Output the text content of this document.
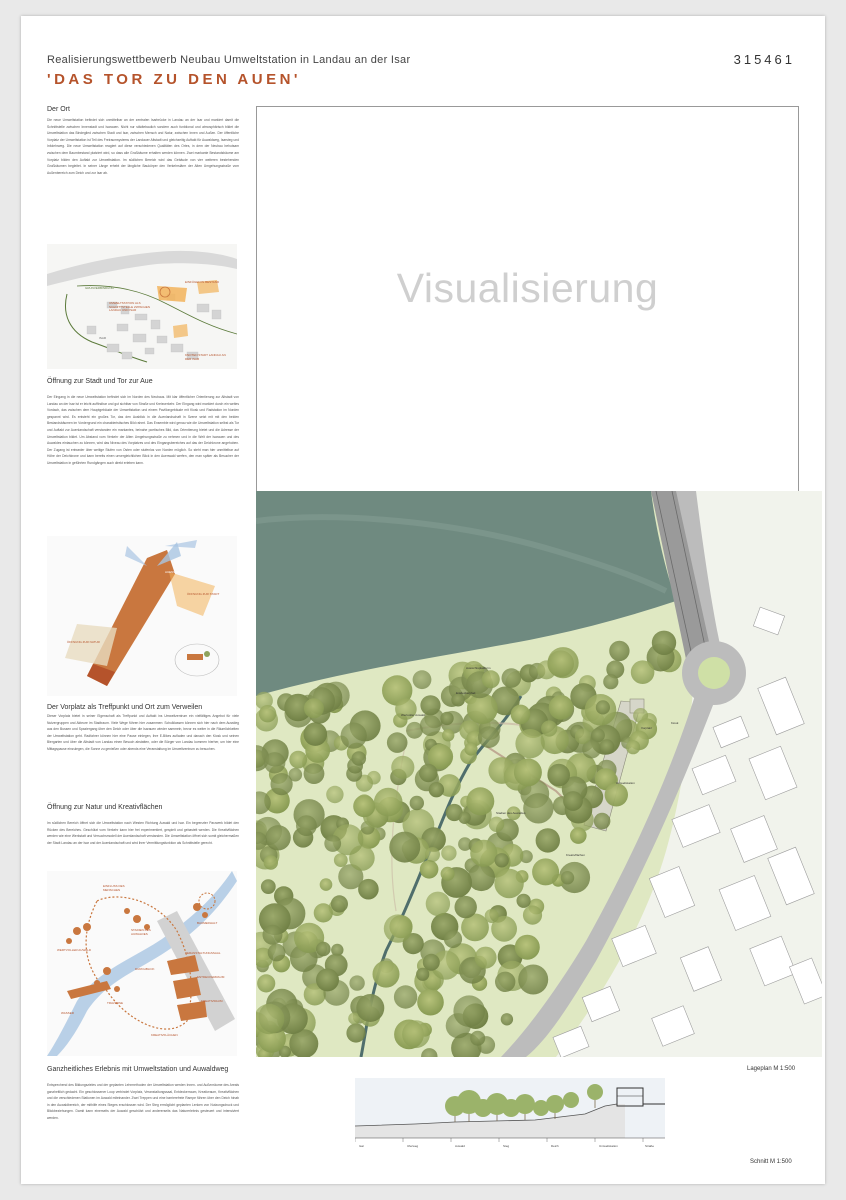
Realisierungswettbewerb Neubau Umweltstation in Landau an der Isar
'DAS TOR ZU DEN AUEN'
315461
Der Ort

Die neue Umweltstation befindet sich unmittelbar an der zentralen Isarbrücke in Landau an der Isar und markiert damit die Schnittstelle zwischen Innenstadt und Isarauen. Nicht nur städtebaulich sondern auch funktional und atmosphärisch bildet die Umweltstation das Bindeglied zwischen Stadt und Isar, zwischen Mensch und Natur, zwischen Innen und Außen. Der öffentliche Vorplatz der Umweltstation ist Teil des Freiraumsystems der Landauer Altstadt und gleichzeitig Auftakt für Auwaldweg, Isarsteg und Infolehrweg. Die neue Umweltstation reagiert auf diese verschiedenen Qualitäten des Ortes, in dem der Neubau behutsam zwischen dem Baumbestand platziert wird, so dass alle Großbäume erhalten werden können. Zwei markante Bestandsbäume am Vorplatz bilden den Auftakt zur Umweltstation. Im südlichen Bereich wird das Gebäude von vier weiteren bestehenden Großbäumen begleitet. In seiner Länge erhebt der längliche Baukörper den Verkehrslärm der Alten Umgehungsstraße vom Außenbereich zum Deich und zur Isar ab.

GRÜNVERBINDUNG
UMWELTSTATION ALS SCHNITTSTELLE ZWISCHEN LANDAU UND ISAR
EINFÜGEN IN BESTAND
ISAR
KNOTEN STADT LANDAU AN DER ISAR
Öffnung zur Stadt und Tor zur Aue

Der Eingang in die neue Umweltstation befindet sich im Norden des Neubaus. Mit klar öffentlicher Orientierung zur Altstadt von Landau an der Isar ist er leicht auffindbar und gut sichtbar von Straße und Kreisverkehr. Der Eingang wird markiert durch ein weites Vordach, das zwischen dem Hauptgebäude der Umweltstation und einem Pavillongebäude mit Kiosk und Radstation im Norden gespannt wird. Es entsteht ein großes Tor, das den Ausblick in die Auenlandschaft in Szene setzt mit mit den beiden Bestandsbäumen im Vordergrund ein charakteristisches Bild rahmt. Das Ensemble wird genau wie die Umweltstation selbst als Tor und Auftakt zur Auenlandschaft verstanden ein markantes, beinahe poetisches Bild, das Orientierung bietet und die Adresse der Umweltstation bildet. Um Abstand vom Verkehr der Alten Umgehungsstraße zu nehmen und in die Welt der Isarauen und des Auwaldes eintauchen zu können, wird das Niveau des Vorplatzes und des Eingangsbereiches auf das der Deichkrone angehoben. Der Zugang ist entweder über weitige Stufen von Osten oder stufenlos von Norden möglich. So steht man hier unmittelbar auf Höhe der Deichkrone und kann bereits einen unvergleichlichen Blick in den Auenwald werfen, den man später als Besucher der Umweltstation in geführten Rundgängen auch direkt erleben kann.

AUENWEG
ÖFFNUNG ZUR STADT
ÖFFNUNG ZUR NATUR
Der Vorplatz als Treffpunkt und Ort zum Verweilen

Dieser Vorplatz bietet in seiner Eigenschaft als Treffpunkt und Auftakt ins Umweltzentrum ein vielfältiges Angebot für viele Nutzergruppen und Akteure im Stadtraum. Viele Wege führen hier zusammen: Schulklassen können sich hier nach dem Ausstieg aus den Bussen und Spaziergang über den Deich oder über die Isarauen wieder sammeln, bevor es weiter in die Räumlichkeiten der Umweltstation geht. Radfahrer können hier eine Pause einlegen, ihre E-Bikes aufladen und danach den Kiosk und seinen Biergarten und über die Altstadt von Landau einen Besuch abstatten, oder die Bürger von Landau kommen hierher, um hier eine Mittagspause einzulegen, die Sonne zu genießen oder abends eine Veranstaltung im Umweltzentrum zu besuchen.

Öffnung zur Natur und Kreativflächen

Im südlichen Bereich öffnet sich die Umweltstation nach Westen Richtung Auwald und Isar. Ein begrenzter Parzwerk bildet den Rücken des Bereiches. Geschützt vom Verkehr kann hier frei experimentiert, gespielt und gebastelt werden. Die Kreativflächen werden wie eine Werkstatt und Versuchsmodell der Auenlandschaft verstanden. Die Umweltstation öffnet sich somit gleichermaßen der Stadt Landau an der Isar und der Auenlandschaft und wird ihrer Vermittlungsfunktion als Schnittstelle gerecht.

EINFLUSS DES MENSCHEN
STADIEN DES AUWALDES
WERTVOLLER AUWALD
BAUMERHALT
VERANSTALTUNGSSAAL
ENTDECKERRAUM
KREATIVRAUM
KREATIVFLÄCHEN
WASSER
DURCHBLICK
TRAVERSE
Ganzheitliches Erlebnis mit Umweltstation und Auwaldweg

Entsprechend des Bildungszieles und der geplanten Lehrmethoden der Umweltstation werden Innen- und Außenräume des Areals ganzheitlich gedacht. Ein geschlossener Loop verbindet Vorplatz, Veranstaltungssaal, Entdeckerraum, Kreativraum, Kreativflächen und die verschiedenen Stationen im Auwald miteinander. Zwei Treppen und eine barrierefreie Rampe führen über den Deich hinab in den Auwaldbereich, der mithilfe eines Steges erschlossen wird. Der Steg ermöglicht geplanten Lenken von Nutzungsdruck und Blickbeziehungen. Damit kann einerseits der Auwald geschützt und andererseits das Naturerlebnis gesteuert und intensiviert werden.

Visualisierung
Aussichtsplattform
Wertvoller Auwald
Entdeckerpfad
Umweltstation
Vorplatz
Kiosk
Stadien des Auwaldes
Kreativflächen
Lageplan M 1:500
Isar	Uferweg	Auwald	Steg	Deich	Umweltstation	Straße
Schnitt M 1:500
